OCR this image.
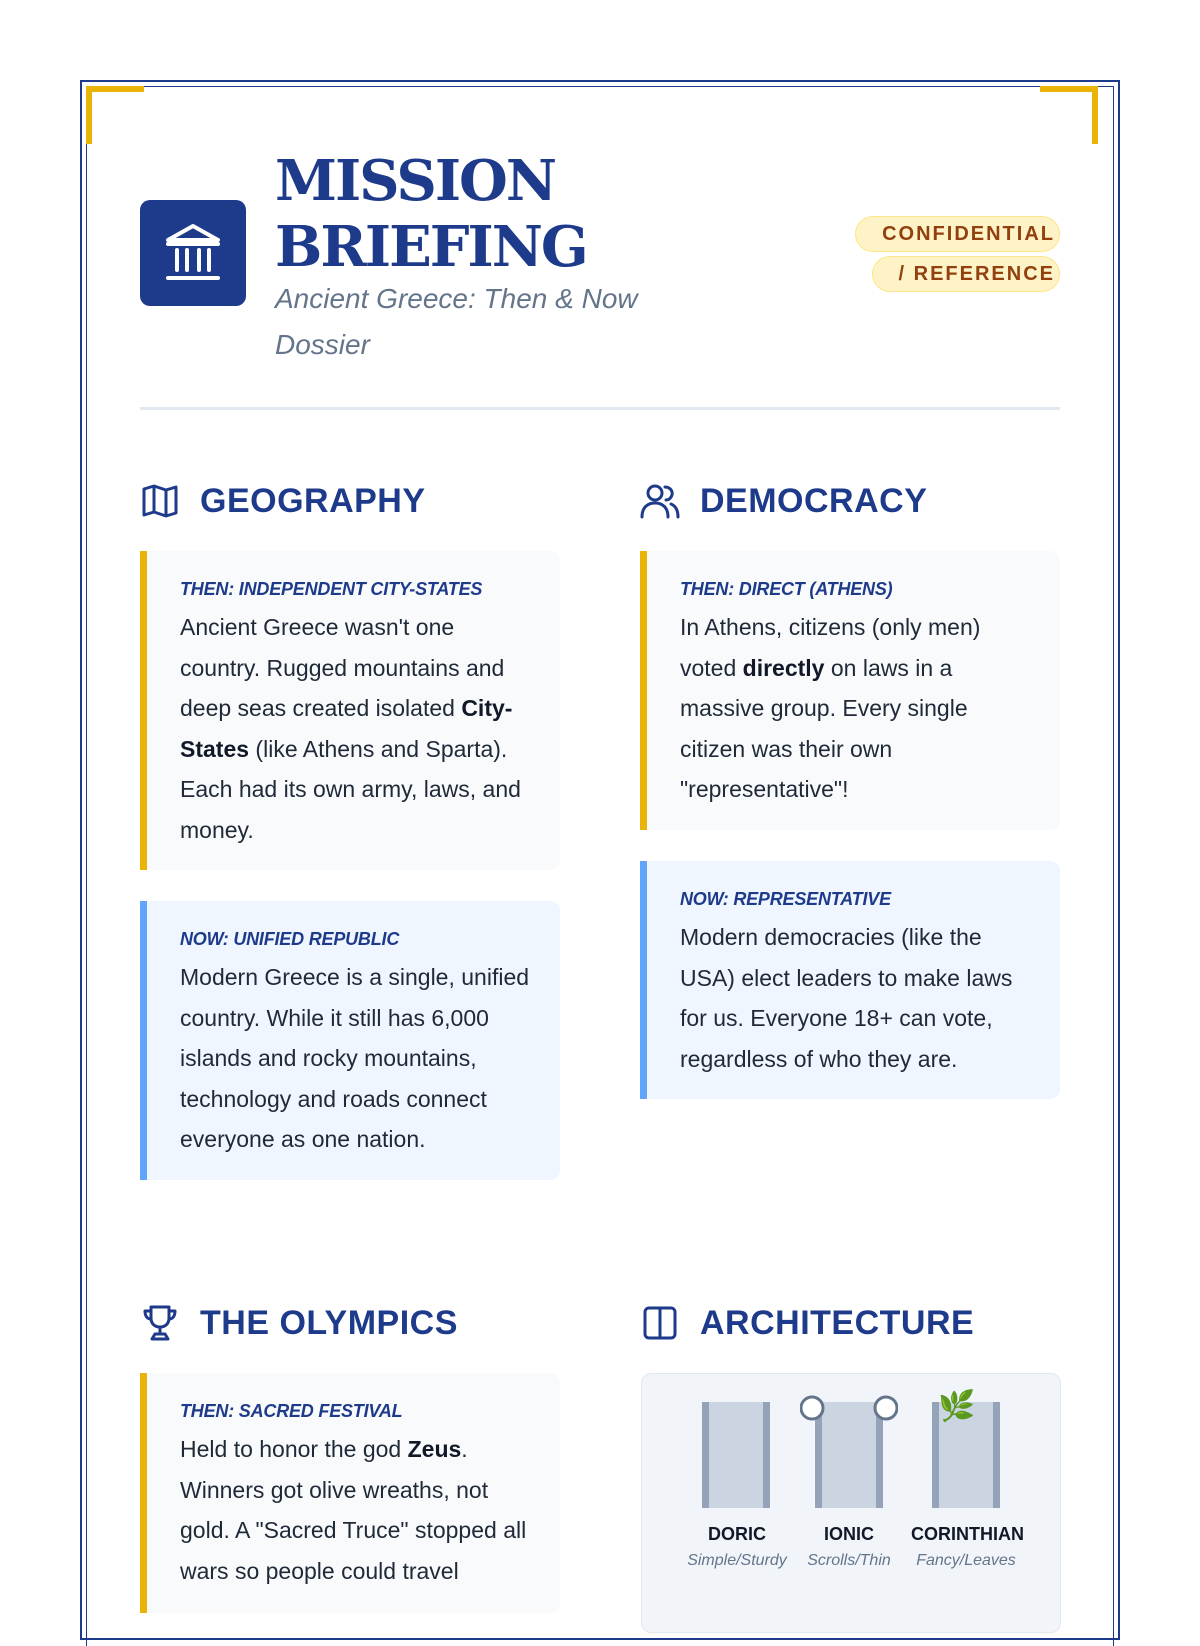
MISSION BRIEFING
Ancient Greece: Then & Now Dossier
CONFIDENTIAL / REFERENCE
GEOGRAPHY
THEN: INDEPENDENT CITY-STATES
Ancient Greece wasn't one country. Rugged mountains and deep seas created isolated City-States (like Athens and Sparta). Each had its own army, laws, and money.
NOW: UNIFIED REPUBLIC
Modern Greece is a single, unified country. While it still has 6,000 islands and rocky mountains, technology and roads connect everyone as one nation.
DEMOCRACY
THEN: DIRECT (ATHENS)
In Athens, citizens (only men) voted directly on laws in a massive group. Every single citizen was their own "representative"!
NOW: REPRESENTATIVE
Modern democracies (like the USA) elect leaders to make laws for us. Everyone 18+ can vote, regardless of who they are.
THE OLYMPICS
THEN: SACRED FESTIVAL
Held to honor the god Zeus. Winners got olive wreaths, not gold. A "Sacred Truce" stopped all wars so people could travel
ARCHITECTURE
DORIC
Simple/Sturdy
IONIC
Scrolls/Thin
🌿
CORINTHIAN
Fancy/Leaves
